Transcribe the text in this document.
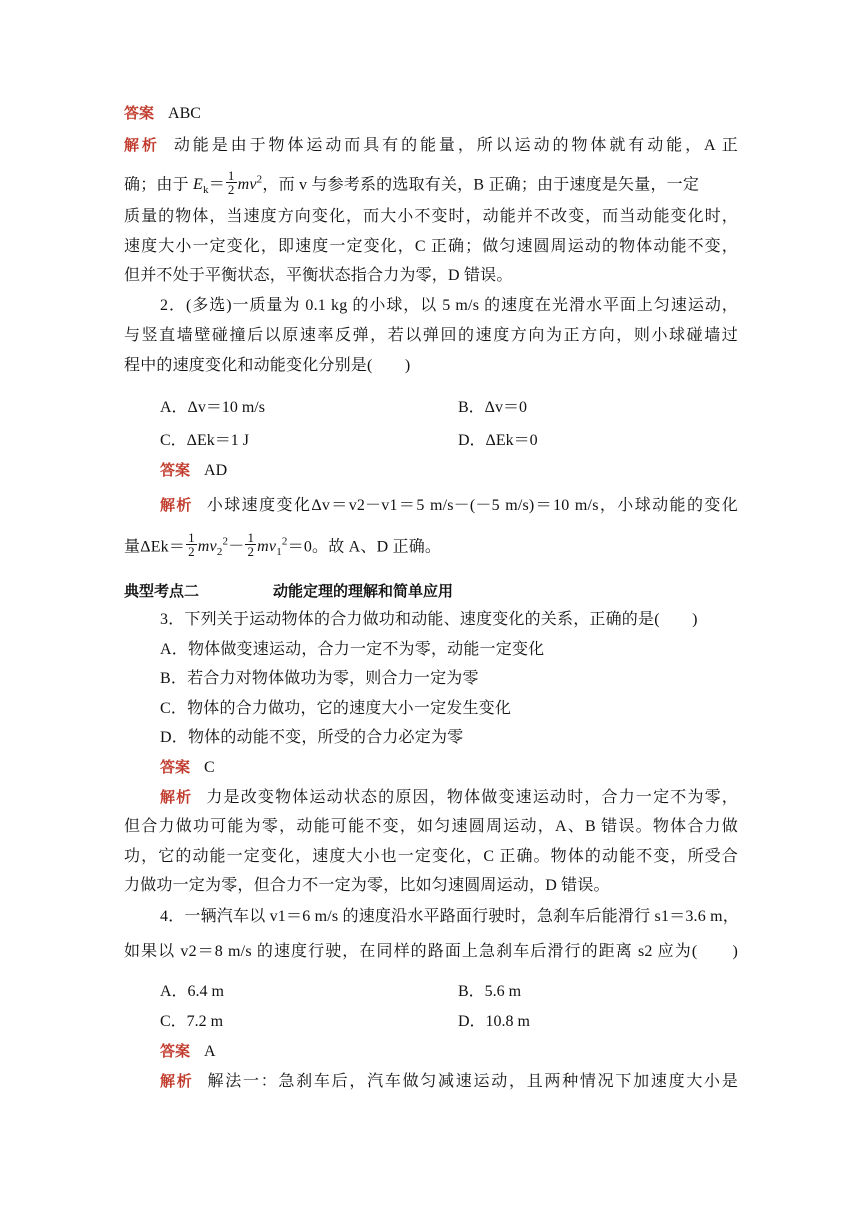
答案 ABC
解析 动能是由于物体运动而具有的能量，所以运动的物体就有动能，A 正
确；由于 $E_k= \frac{1}{2} mv^2$，而 v 与参考系的选取有关，B 正确；由于速度是矢量，一定
质量的物体，当速度方向变化，而大小不变时，动能并不改变，而当动能变化时，
速度大小一定变化，即速度一定变化，C 正确；做匀速圆周运动的物体动能不变，
但并不处于平衡状态，平衡状态指合力为零，D 错误。
2．(多选)一质量为 0.1 kg 的小球，以 5 m/s 的速度在光滑水平面上匀速运动，
与竖直墙壁碰撞后以原速率反弹，若以弹回的速度方向为正方向，则小球碰墙过
程中的速度变化和动能变化分别是(　　)
A．Δv＝10 m/s	B．Δv＝0
C．ΔEk＝1 J	D．ΔEk＝0
答案 AD
解析 小球速度变化Δv＝v2－v1＝5 m/s－(－5 m/s)＝10 m/s，小球动能的变化
量$\Delta Ek= \frac{1}{2} mv_2^2- \frac{1}{2} mv_1^2=0$。故 A、D 正确。
典型考点二	动能定理的理解和简单应用
3．下列关于运动物体的合力做功和动能、速度变化的关系，正确的是(　　)
A．物体做变速运动，合力一定不为零，动能一定变化
B．若合力对物体做功为零，则合力一定为零
C．物体的合力做功，它的速度大小一定发生变化
D．物体的动能不变，所受的合力必定为零
答案 C
解析 力是改变物体运动状态的原因，物体做变速运动时，合力一定不为零，
但合力做功可能为零，动能可能不变，如匀速圆周运动，A、B 错误。物体合力做
功，它的动能一定变化，速度大小也一定变化，C 正确。物体的动能不变，所受合
力做功一定为零，但合力不一定为零，比如匀速圆周运动，D 错误。
4．一辆汽车以 v1＝6 m/s 的速度沿水平路面行驶时，急刹车后能滑行 s1＝3.6 m，
如果以 v2＝8 m/s 的速度行驶，在同样的路面上急刹车后滑行的距离 s2 应为(　　)
A．6.4 m	B．5.6 m
C．7.2 m	D．10.8 m
答案 A
解析 解法一：急刹车后，汽车做匀减速运动，且两种情况下加速度大小是
